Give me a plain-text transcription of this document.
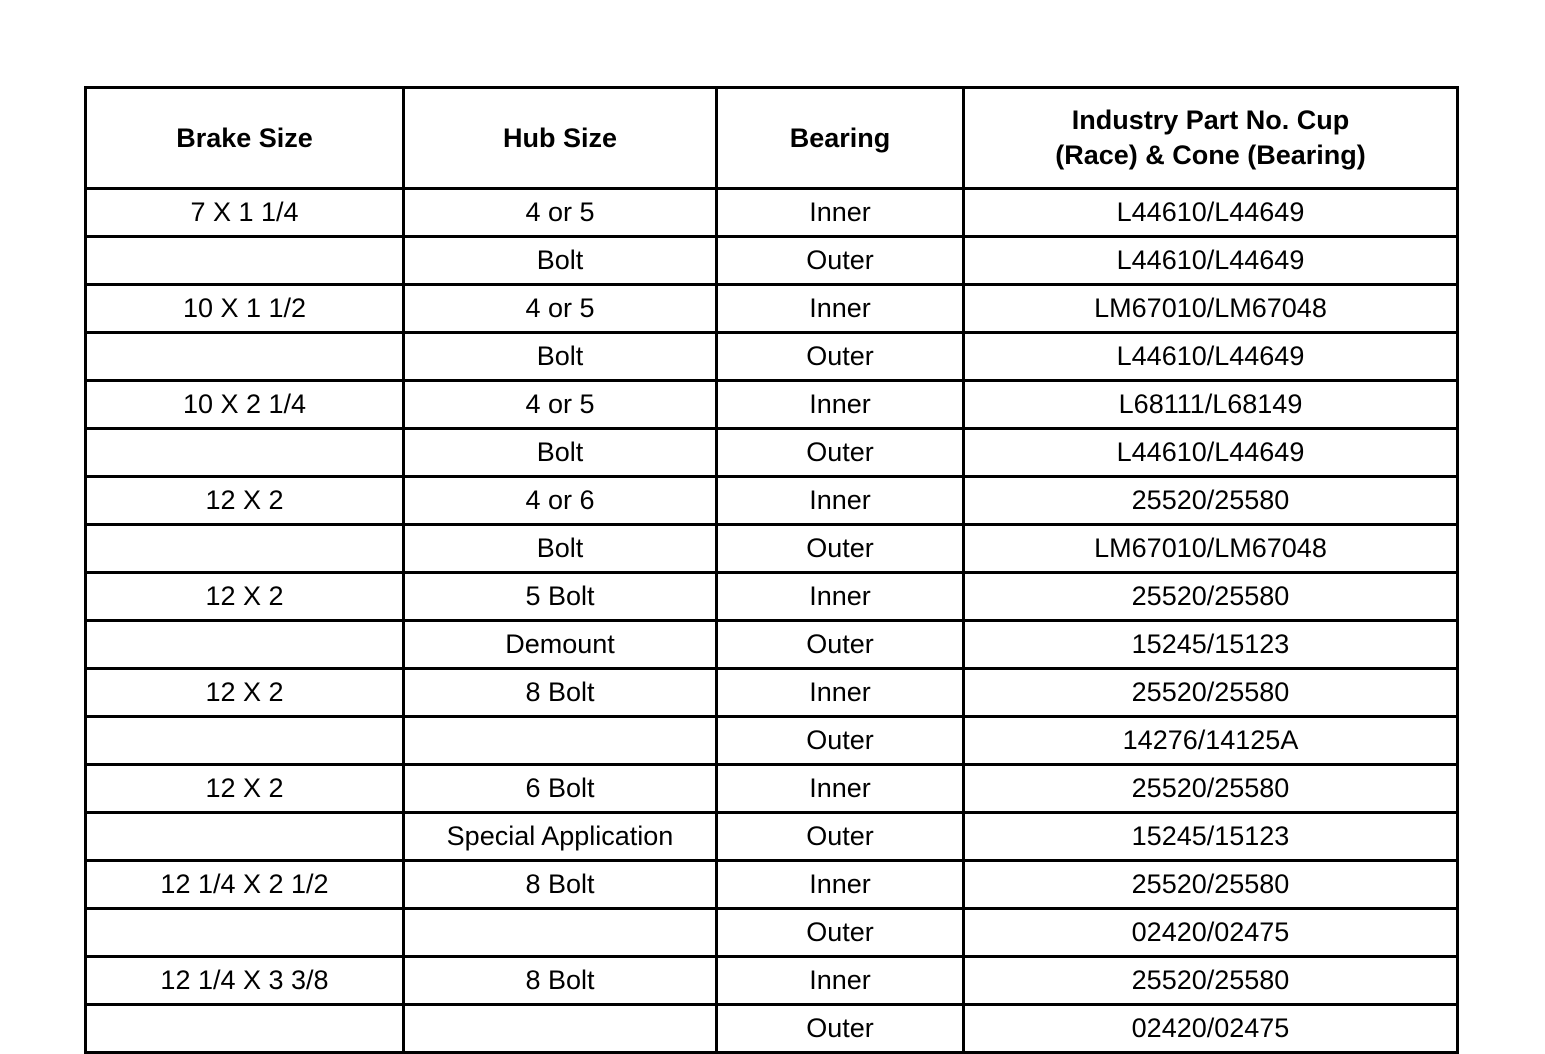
Brake Size	Hub Size	Bearing	Industry Part No. Cup
(Race) & Cone (Bearing)

7 X 1 1/4	4 or 5	Inner	L44610/L44649
	Bolt	Outer	L44610/L44649
10 X 1 1/2	4 or 5	Inner	LM67010/LM67048
	Bolt	Outer	L44610/L44649
10 X 2 1/4	4 or 5	Inner	L68111/L68149
	Bolt	Outer	L44610/L44649
12 X 2	4 or 6	Inner	25520/25580
	Bolt	Outer	LM67010/LM67048
12 X 2	5 Bolt	Inner	25520/25580
	Demount	Outer	15245/15123
12 X 2	8 Bolt	Inner	25520/25580
		Outer	14276/14125A
12 X 2	6 Bolt	Inner	25520/25580
	Special Application	Outer	15245/15123
12 1/4 X 2 1/2	8 Bolt	Inner	25520/25580
		Outer	02420/02475
12 1/4 X 3 3/8	8 Bolt	Inner	25520/25580
		Outer	02420/02475
